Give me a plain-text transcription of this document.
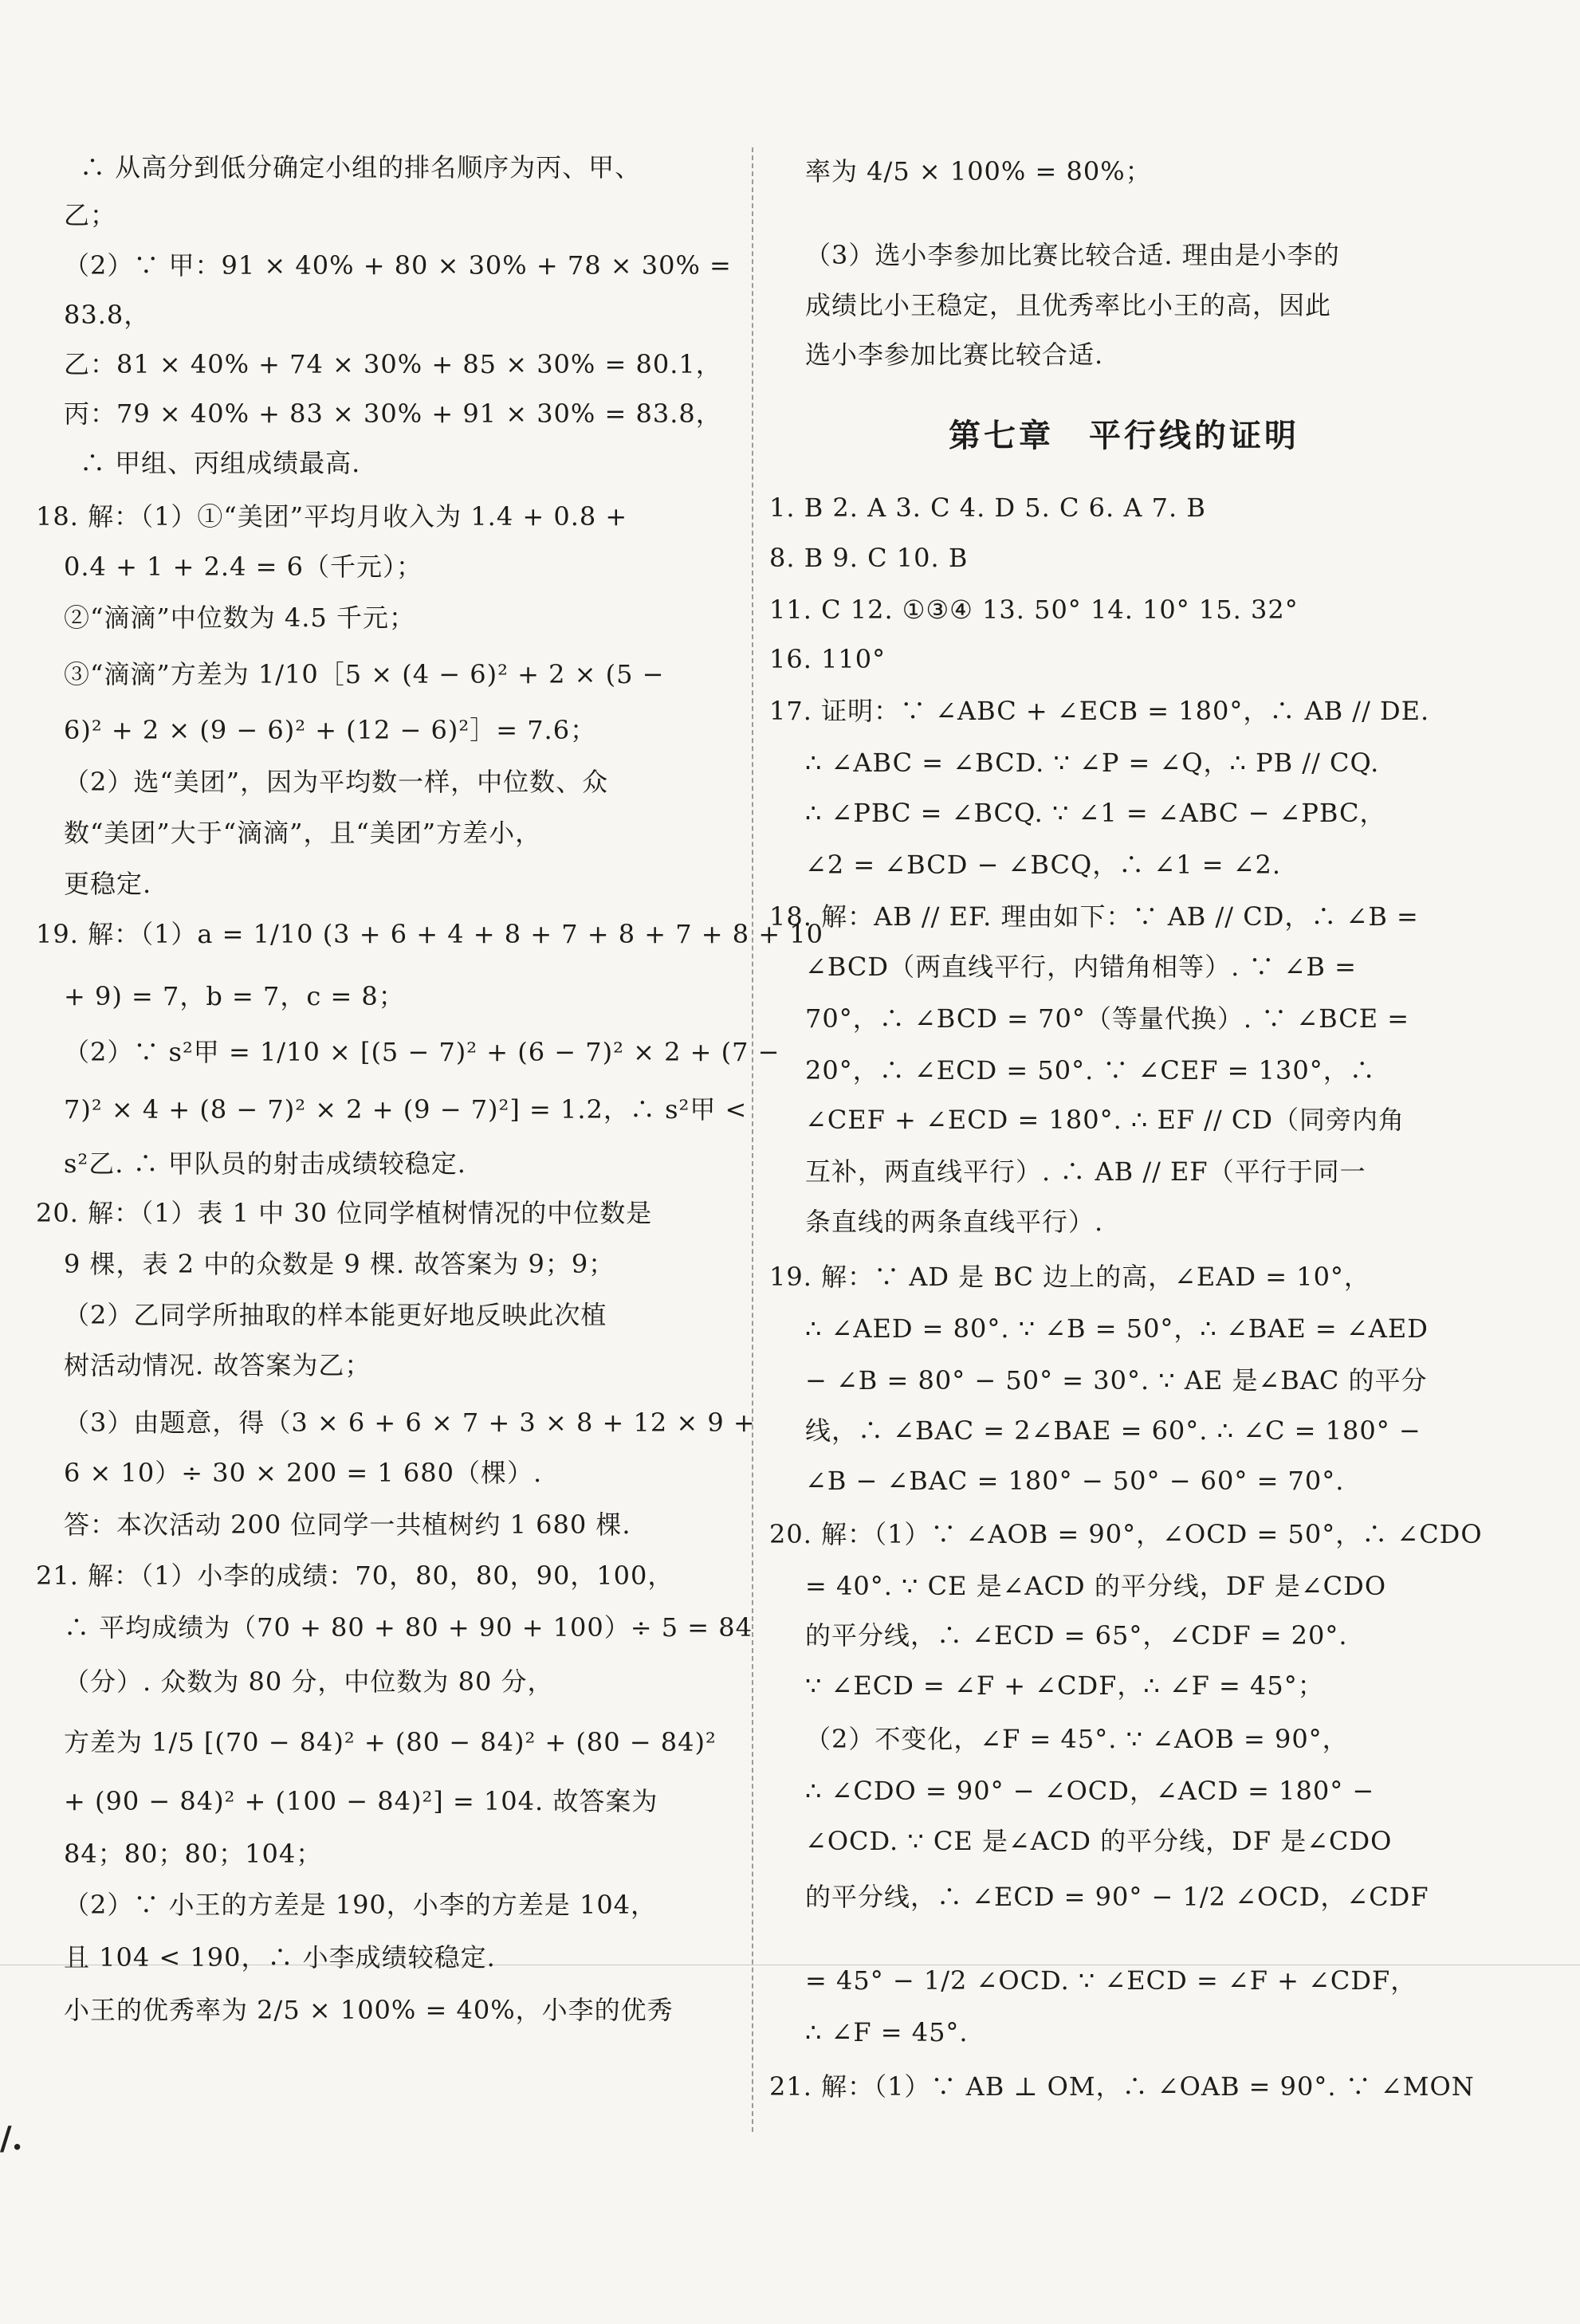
/.
∴ 从高分到低分确定小组的排名顺序为丙、甲、
乙；
（2）∵ 甲：91 × 40% + 80 × 30% + 78 × 30% =
83.8，
乙：81 × 40% + 74 × 30% + 85 × 30% = 80.1，
丙：79 × 40% + 83 × 30% + 91 × 30% = 83.8，
∴ 甲组、丙组成绩最高.
18. 解：（1）①“美团”平均月收入为 1.4 + 0.8 +
0.4 + 1 + 2.4 = 6（千元）；
②“滴滴”中位数为 4.5 千元；
③“滴滴”方差为 1/10［5 × (4 − 6)² + 2 × (5 −
6)² + 2 × (9 − 6)² + (12 − 6)²］= 7.6；
（2）选“美团”，因为平均数一样，中位数、众
数“美团”大于“滴滴”，且“美团”方差小，
更稳定.
19. 解：（1）a = 1/10 (3 + 6 + 4 + 8 + 7 + 8 + 7 + 8 + 10
+ 9) = 7，b = 7，c = 8；
（2）∵ s²甲 = 1/10 × [(5 − 7)² + (6 − 7)² × 2 + (7 −
7)² × 4 + (8 − 7)² × 2 + (9 − 7)²] = 1.2，∴ s²甲 <
s²乙. ∴ 甲队员的射击成绩较稳定.
20. 解：（1）表 1 中 30 位同学植树情况的中位数是
9 棵，表 2 中的众数是 9 棵. 故答案为 9；9；
（2）乙同学所抽取的样本能更好地反映此次植
树活动情况. 故答案为乙；
（3）由题意，得（3 × 6 + 6 × 7 + 3 × 8 + 12 × 9 +
6 × 10）÷ 30 × 200 = 1 680（棵）.
答：本次活动 200 位同学一共植树约 1 680 棵.
21. 解：（1）小李的成绩：70，80，80，90，100，
∴ 平均成绩为（70 + 80 + 80 + 90 + 100）÷ 5 = 84
（分）. 众数为 80 分，中位数为 80 分，
方差为 1/5 [(70 − 84)² + (80 − 84)² + (80 − 84)²
+ (90 − 84)² + (100 − 84)²] = 104. 故答案为
84；80；80；104；
（2）∵ 小王的方差是 190，小李的方差是 104，
且 104 < 190，∴ 小李成绩较稳定.
小王的优秀率为 2/5 × 100% = 40%，小李的优秀
第七章　平行线的证明
率为 4/5 × 100% = 80%；
（3）选小李参加比赛比较合适. 理由是小李的
成绩比小王稳定，且优秀率比小王的高，因此
选小李参加比赛比较合适.
1. B 2. A 3. C 4. D 5. C 6. A 7. B
8. B 9. C 10. B
11. C 12. ①③④ 13. 50° 14. 10° 15. 32°
16. 110°
17. 证明：∵ ∠ABC + ∠ECB = 180°，∴ AB // DE.
∴ ∠ABC = ∠BCD. ∵ ∠P = ∠Q，∴ PB // CQ.
∴ ∠PBC = ∠BCQ. ∵ ∠1 = ∠ABC − ∠PBC，
∠2 = ∠BCD − ∠BCQ，∴ ∠1 = ∠2.
18. 解：AB // EF. 理由如下：∵ AB // CD，∴ ∠B =
∠BCD（两直线平行，内错角相等）. ∵ ∠B =
70°，∴ ∠BCD = 70°（等量代换）. ∵ ∠BCE =
20°，∴ ∠ECD = 50°. ∵ ∠CEF = 130°，∴
∠CEF + ∠ECD = 180°. ∴ EF // CD（同旁内角
互补，两直线平行）. ∴ AB // EF（平行于同一
条直线的两条直线平行）.
19. 解：∵ AD 是 BC 边上的高，∠EAD = 10°，
∴ ∠AED = 80°. ∵ ∠B = 50°，∴ ∠BAE = ∠AED
− ∠B = 80° − 50° = 30°. ∵ AE 是∠BAC 的平分
线，∴ ∠BAC = 2∠BAE = 60°. ∴ ∠C = 180° −
∠B − ∠BAC = 180° − 50° − 60° = 70°.
20. 解：（1）∵ ∠AOB = 90°，∠OCD = 50°，∴ ∠CDO
= 40°. ∵ CE 是∠ACD 的平分线，DF 是∠CDO
的平分线，∴ ∠ECD = 65°，∠CDF = 20°.
∵ ∠ECD = ∠F + ∠CDF，∴ ∠F = 45°；
（2）不变化，∠F = 45°. ∵ ∠AOB = 90°，
∴ ∠CDO = 90° − ∠OCD，∠ACD = 180° −
∠OCD. ∵ CE 是∠ACD 的平分线，DF 是∠CDO
的平分线，∴ ∠ECD = 90° − 1/2 ∠OCD，∠CDF
= 45° − 1/2 ∠OCD. ∵ ∠ECD = ∠F + ∠CDF，
∴ ∠F = 45°.
21. 解：（1）∵ AB ⊥ OM，∴ ∠OAB = 90°. ∵ ∠MON
